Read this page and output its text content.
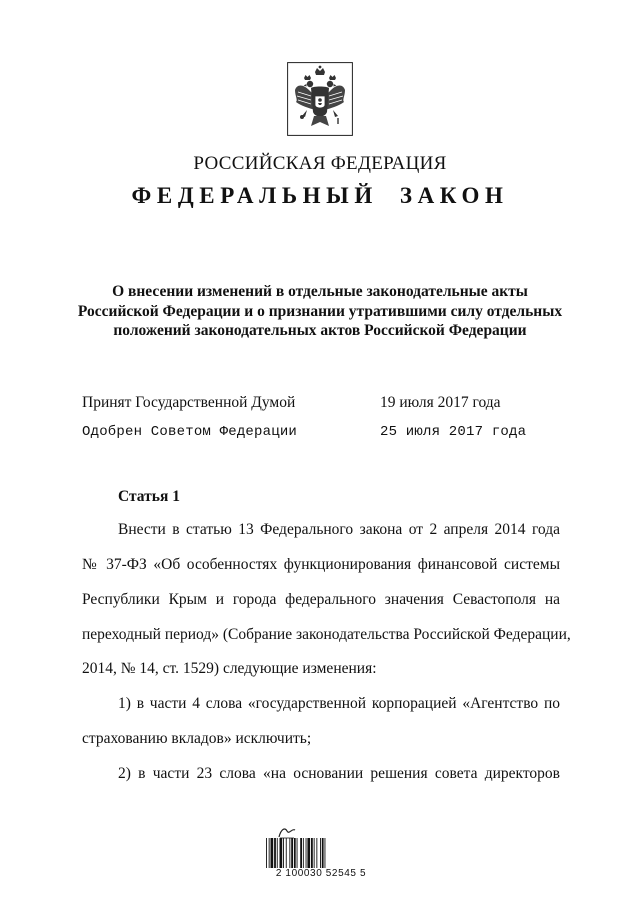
РОССИЙСКАЯ ФЕДЕРАЦИЯ
ФЕДЕРАЛЬНЫЙ ЗАКОН
О внесении изменений в отдельные законодательные акты
Российской Федерации и о признании утратившими силу отдельных
положений законодательных актов Российской Федерации
Принят Государственной Думой	19 июля 2017 года
Одобрен Советом Федерации	25 июля 2017 года
Статья 1
Внести в статью 13 Федерального закона от 2 апреля 2014 года
№ 37-ФЗ «Об особенностях функционирования финансовой системы
Республики Крым и города федерального значения Севастополя на
переходный период» (Собрание законодательства Российской Федерации,
2014, № 14, ст. 1529) следующие изменения:
1) в части 4 слова «государственной корпорацией «Агентство по
страхованию вкладов» исключить;
2) в части 23 слова «на основании решения совета директоров
2 100030 52545 5
